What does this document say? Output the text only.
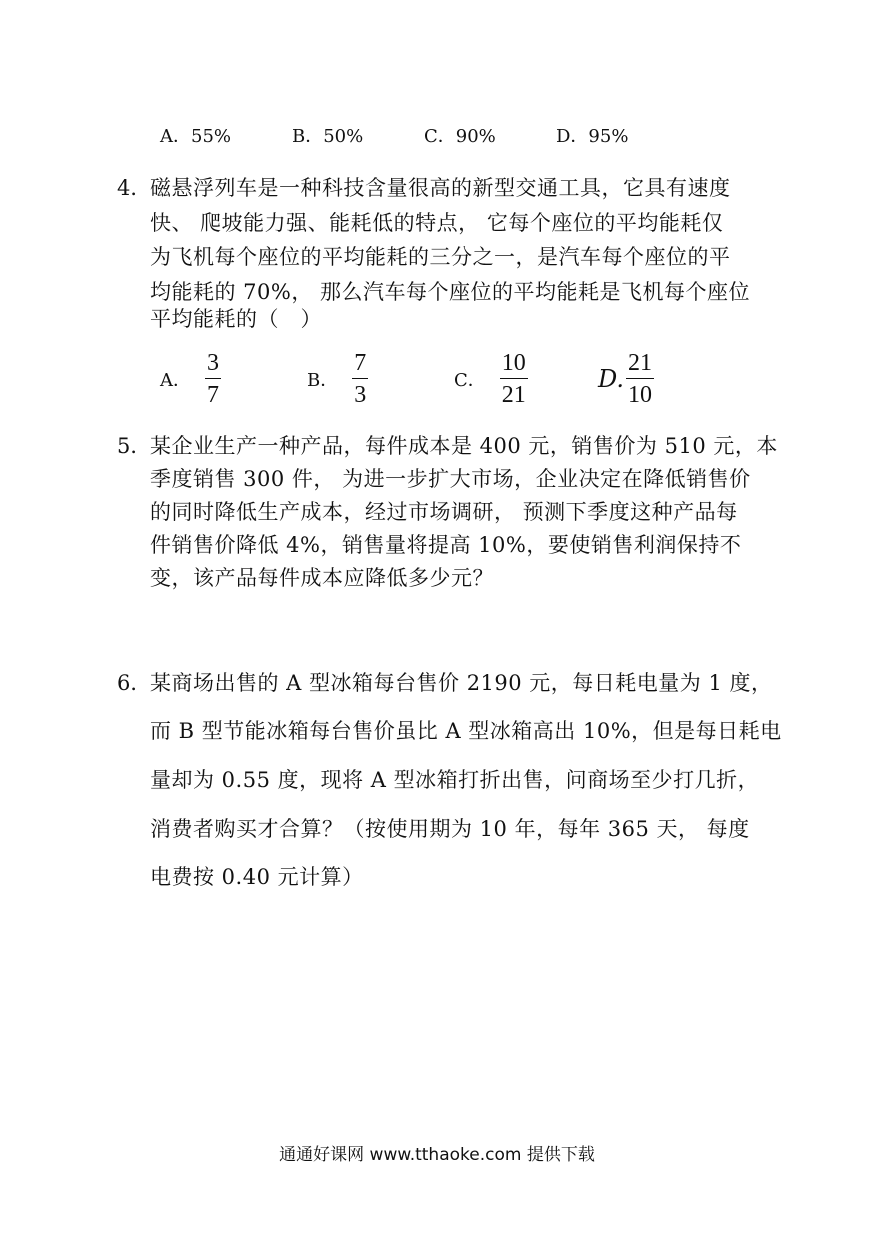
A．55%	B．50%	C．90%	D．95%
4．
磁悬浮列车是一种科技含量很高的新型交通工具，它具有速度
快、 爬坡能力强、能耗低的特点， 它每个座位的平均能耗仅
为飞机每个座位的平均能耗的三分之一，是汽车每个座位的平
均能耗的 70%， 那么汽车每个座位的平均能耗是飞机每个座位
平均能耗的（　）
A． $\frac{3}{7}$	B． $\frac{7}{3}$	C． $\frac{10}{21}$	D. $\frac{21}{10}$
5．
某企业生产一种产品，每件成本是 400 元，销售价为 510 元，本
季度销售 300 件， 为进一步扩大市场，企业决定在降低销售价
的同时降低生产成本，经过市场调研， 预测下季度这种产品每
件销售价降低 4%，销售量将提高 10%，要使销售利润保持不
变，该产品每件成本应降低多少元？
6．
某商场出售的 A 型冰箱每台售价 2190 元，每日耗电量为 1 度，
而 B 型节能冰箱每台售价虽比 A 型冰箱高出 10%，但是每日耗电
量却为 0.55 度，现将 A 型冰箱打折出售，问商场至少打几折，
消费者购买才合算？（按使用期为 10 年，每年 365 天， 每度
电费按 0.40 元计算）
通通好课网 www.tthaoke.com 提供下载
